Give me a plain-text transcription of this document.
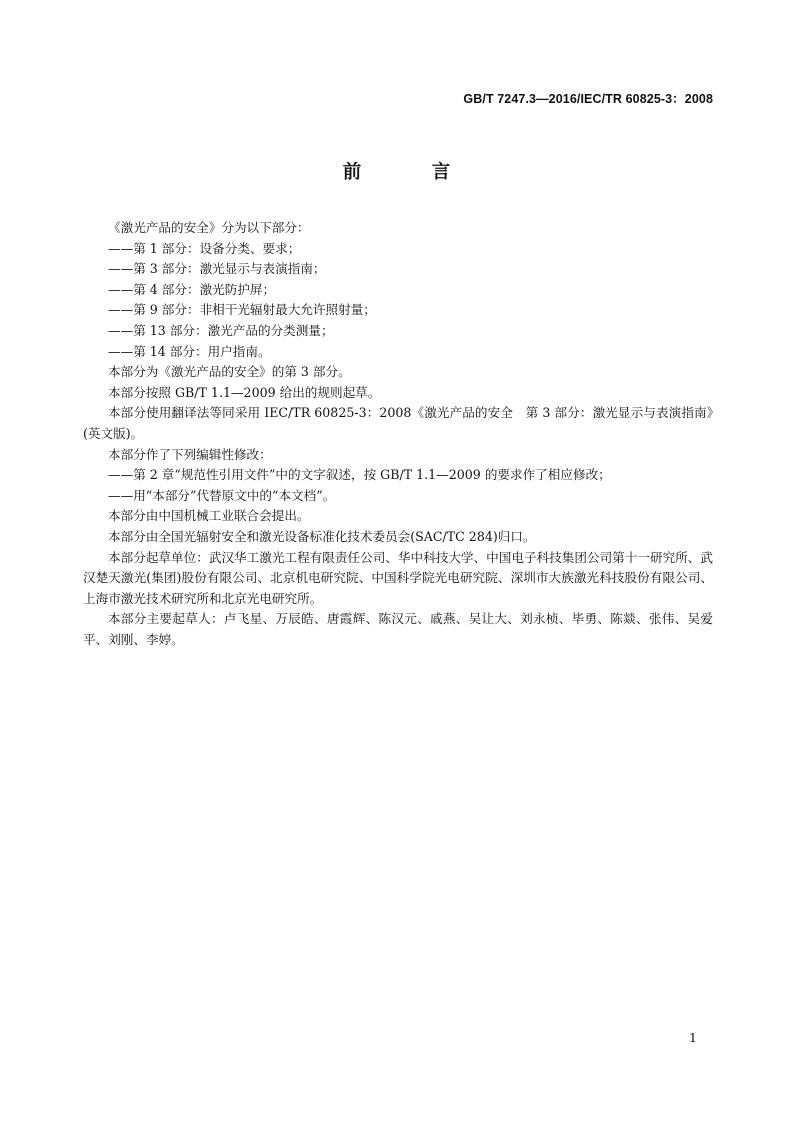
GB/T 7247.3—2016/IEC/TR 60825-3：2008
前　言

《激光产品的安全》分为以下部分：

——第 1 部分：设备分类、要求；

——第 3 部分：激光显示与表演指南；

——第 4 部分：激光防护屏；

——第 9 部分：非相干光辐射最大允许照射量；

——第 13 部分：激光产品的分类测量；

——第 14 部分：用户指南。

本部分为《激光产品的安全》的第 3 部分。

本部分按照 GB/T 1.1—2009 给出的规则起草。

本部分使用翻译法等同采用 IEC/TR 60825-3：2008《激光产品的安全　第 3 部分：激光显示与表演指南》(英文版)。

本部分作了下列编辑性修改：

——第 2 章“规范性引用文件”中的文字叙述，按 GB/T 1.1—2009 的要求作了相应修改；

——用“本部分”代替原文中的“本文档”。

本部分由中国机械工业联合会提出。

本部分由全国光辐射安全和激光设备标准化技术委员会(SAC/TC 284)归口。

本部分起草单位：武汉华工激光工程有限责任公司、华中科技大学、中国电子科技集团公司第十一研究所、武汉楚天激光(集团)股份有限公司、北京机电研究院、中国科学院光电研究院、深圳市大族激光科技股份有限公司、上海市激光技术研究所和北京光电研究所。

本部分主要起草人：卢飞星、万辰皓、唐霞辉、陈汉元、戚燕、吴让大、刘永桢、毕勇、陈燚、张伟、吴爱平、刘刚、李婷。

1
